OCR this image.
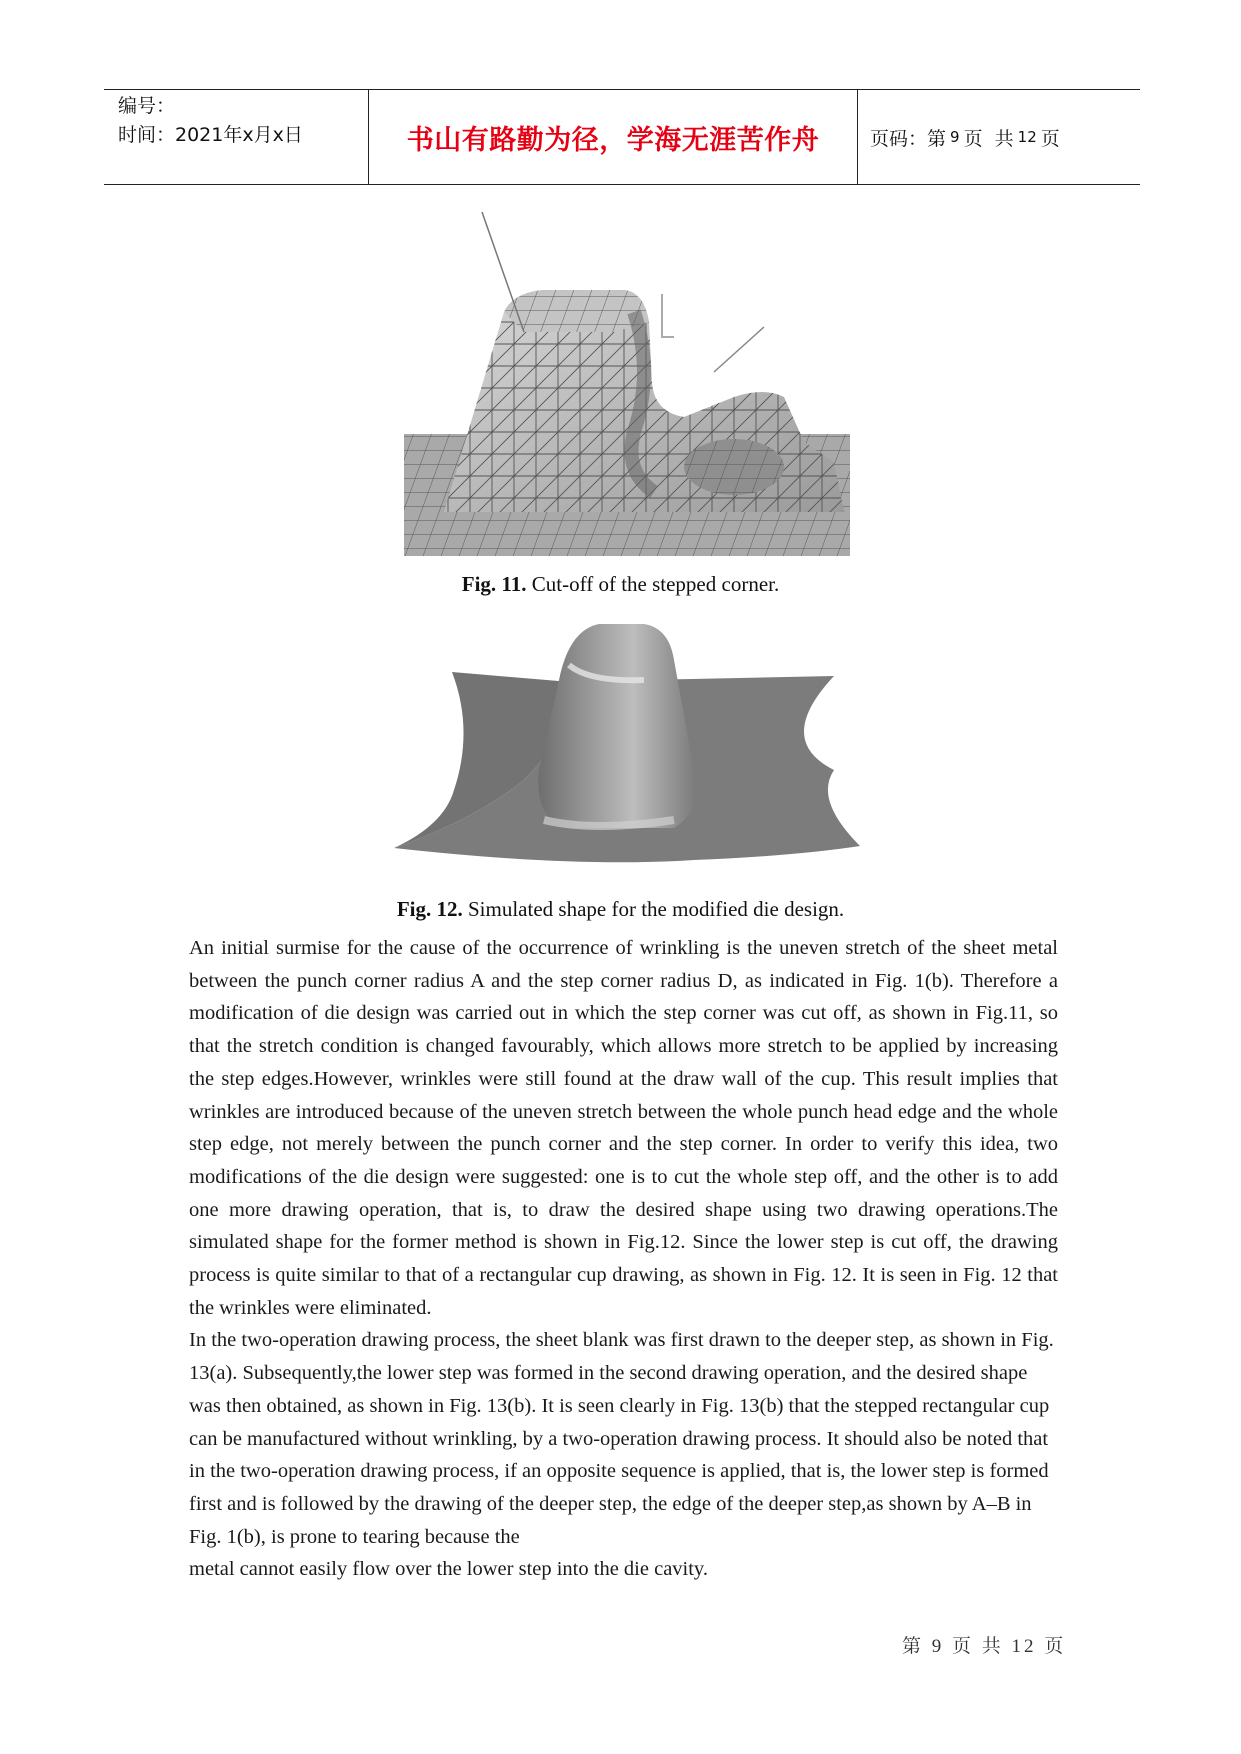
编号：
时间：2021年x月x日	书山有路勤为径，学海无涯苦作舟	页码：第 9 页  共 12 页
Fig. 11. Cut-off of the stepped corner.
Fig. 12. Simulated shape for the modified die design.

An initial surmise for the cause of the occurrence of wrinkling is the uneven stretch of the sheet metal between the punch corner radius A and the step corner radius D, as indicated in Fig. 1(b). Therefore a modification of die design was carried out in which the step corner was cut off, as shown in Fig.11, so that the stretch condition is changed favourably, which allows more stretch to be applied by increasing the step edges.However, wrinkles were still found at the draw wall of the cup. This result implies that wrinkles are introduced because of the uneven stretch between the whole punch head edge and the whole step edge, not merely between the punch corner and the step corner. In order to verify this idea, two modifications of the die design were suggested: one is to cut the whole step off, and the other is to add one more drawing operation, that is, to draw the desired shape using two drawing operations.The simulated shape for the former method is shown in Fig.12. Since the lower step is cut off, the drawing process is quite similar to that of a rectangular cup drawing, as shown in Fig. 12. It is seen in Fig. 12 that the wrinkles were eliminated.

In the two-operation drawing process, the sheet blank was first drawn to the deeper step, as shown in Fig. 13(a). Subsequently,the lower step was formed in the second drawing operation, and the desired shape was then obtained, as shown in Fig. 13(b). It is seen clearly in Fig. 13(b) that the stepped rectangular cup can be manufactured without wrinkling, by a two-operation drawing process. It should also be noted that in the two-operation drawing process, if an opposite sequence is applied, that is, the lower step is formed first and is followed by the drawing of the deeper step, the edge of the deeper step,as shown by A–B in Fig. 1(b), is prone to tearing because the

metal cannot easily flow over the lower step into the die cavity.

第 9 页 共 12 页
